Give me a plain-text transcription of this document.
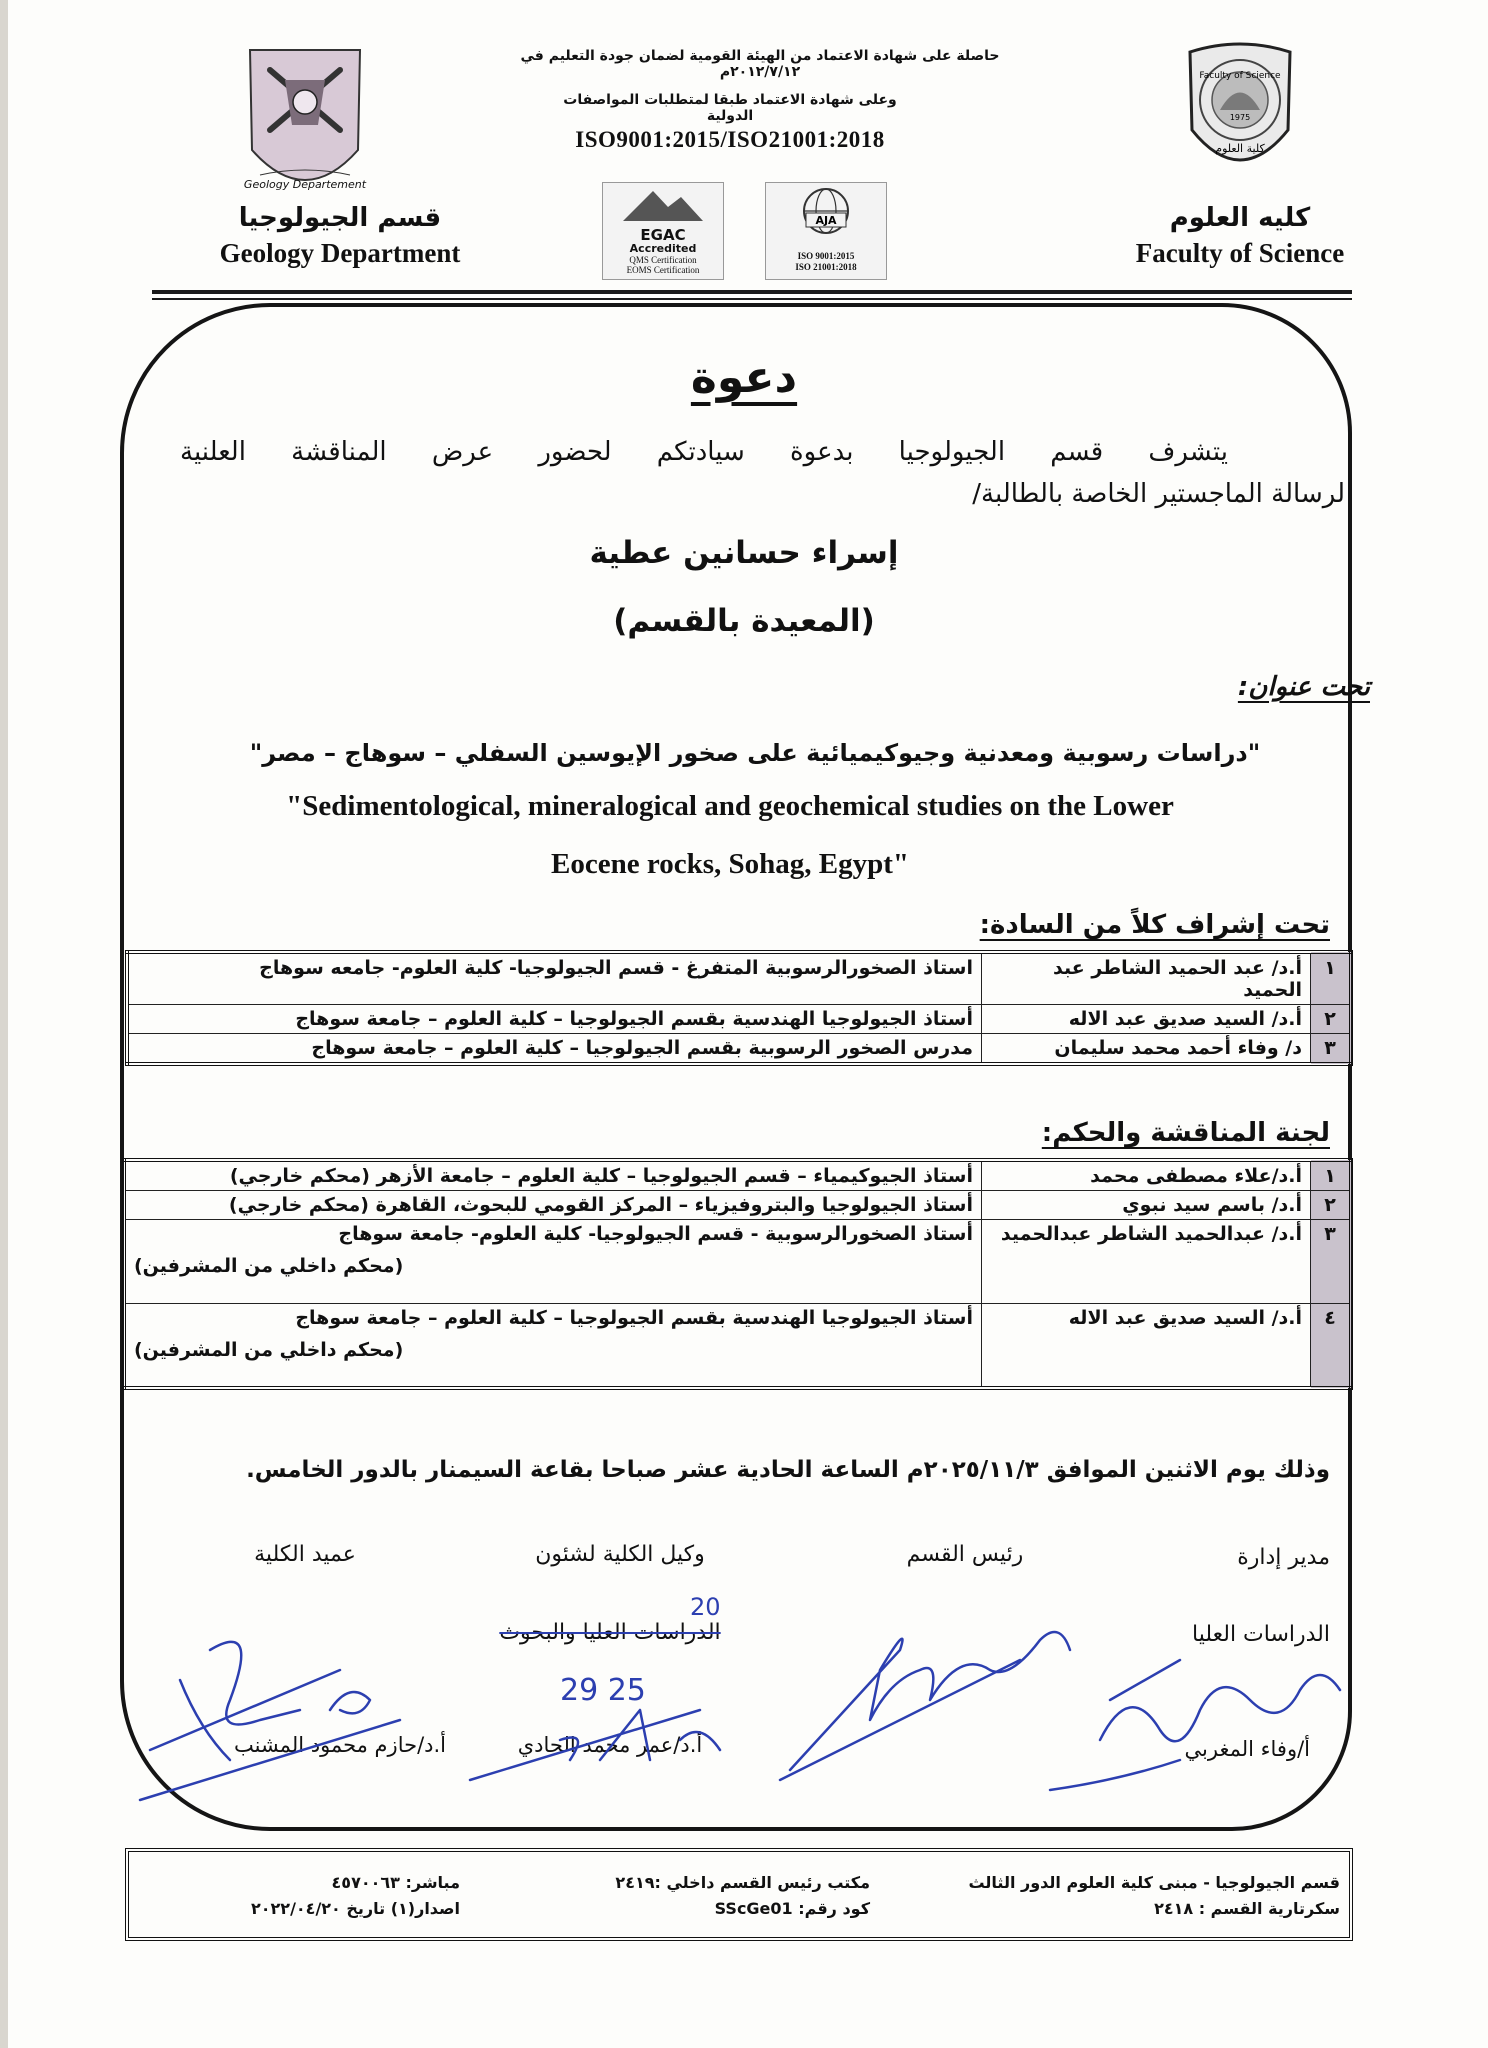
Faculty of Science
1975
كلية العلوم
كليه العلوم
Faculty of Science
Geology Departement
قسم الجيولوجيا
Geology Department
حاصلة على شهادة الاعتماد من الهيئة القومية لضمان جودة التعليم في ٢٠١٢/٧/١٢م
وعلى شهادة الاعتماد طبقا لمتطلبات المواصفات الدولية
ISO9001:2015/ISO21001:2018
EGAC
Accredited
QMS Certification
EOMS Certification
AJA
ISO 9001:2015
ISO 21001:2018
دعوة
يتشرف قسم الجيولوجيا بدعوة سيادتكم لحضور عرض المناقشة العلنية
لرسالة الماجستير الخاصة بالطالبة/
إسراء حسانين عطية
(المعيدة بالقسم)
تحت عنوان:
"دراسات رسوبية ومعدنية وجيوكيميائية على صخور الإيوسين السفلي – سوهاج – مصر"
"Sedimentological, mineralogical and geochemical studies on the Lower
Eocene rocks, Sohag, Egypt"
تحت إشراف كلاً من السادة:
١	أ.د/ عبد الحميد الشاطر عبد الحميد	استاذ الصخورالرسوبية المتفرغ - قسم الجيولوجيا- كلية العلوم- جامعه سوهاج
٢	أ.د/ السيد صديق عبد الاله	أستاذ الجيولوجيا الهندسية بقسم الجيولوجيا – كلية العلوم – جامعة سوهاج
٣	د/ وفاء أحمد محمد سليمان	مدرس الصخور الرسوبية بقسم الجيولوجيا – كلية العلوم – جامعة سوهاج
لجنة المناقشة والحكم:
١	أ.د/علاء مصطفى محمد	أستاذ الجيوكيمياء – قسم الجيولوجيا – كلية العلوم – جامعة الأزهر (محكم خارجي)
٢	أ.د/ باسم سيد نبوي	أستاذ الجيولوجيا والبتروفيزياء – المركز القومي للبحوث، القاهرة (محكم خارجي)
٣	أ.د/ عبدالحميد الشاطر عبدالحميد	أستاذ الصخورالرسوبية - قسم الجيولوجيا- كلية العلوم- جامعة سوهاج
(محكم داخلي من المشرفين)

٤	أ.د/ السيد صديق عبد الاله	أستاذ الجيولوجيا الهندسية بقسم الجيولوجيا – كلية العلوم – جامعة سوهاج
(محكم داخلي من المشرفين)
وذلك يوم الاثنين الموافق ٢٠٢٥/١١/٣م الساعة الحادية عشر صباحا بقاعة السيمنار بالدور الخامس.
مدير إدارة
الدراسات العليا
أ/وفاء المغربي
رئيس القسم
وكيل الكلية لشئون
الدراسات العليا والبحوث
أ.د/عمر محمد الحادي
عميد الكلية
أ.د/حازم محمود المشنب
29 25
20
قسم الجيولوجيا - مبنى كلية العلوم الدور الثالث
سكرتارية القسم : ٢٤١٨
مكتب رئيس القسم داخلي :٢٤١٩
كود رقم: SScGe01
مباشر: ٤٥٧٠٠٦٣
اصدار(١) تاريخ ٢٠٢٢/٠٤/٢٠
